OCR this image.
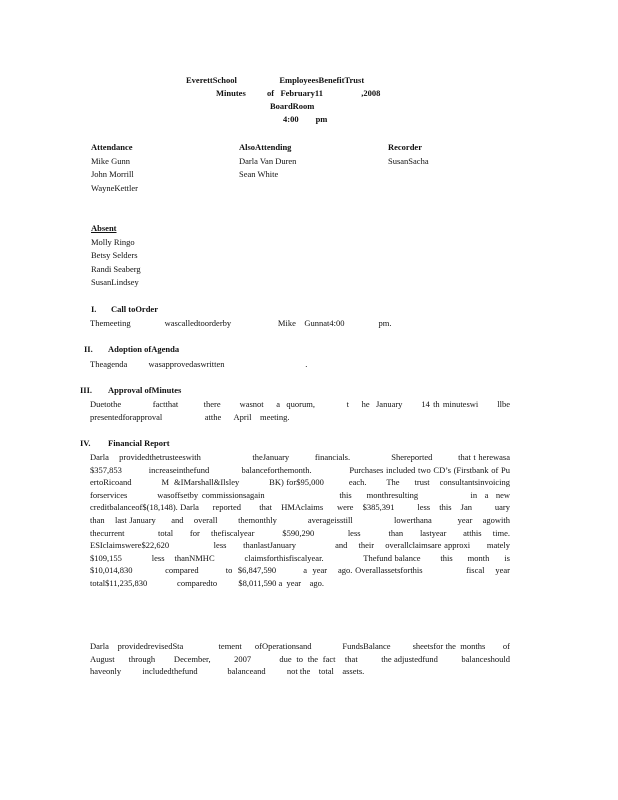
EverettSchool                    EmployeesBenefitTrust
Minutes          of   February11                  ,2008
BoardRoom
4:00        pm
Attendance
Mike Gunn
John Morrill
WayneKettler
AlsoAttending
Darla Van Duren
Sean White
Recorder
SusanSacha
Absent
Molly Ringo
Betsy Selders
Randi Seaberg
SusanLindsey
I. Call toOrder
Themeeting                wascalledtoorderby                      Mike    Gunnat4:00                pm.
II. Adoption ofAgenda
Theagenda          wasapprovedaswritten                                      .
III. Approval ofMinutes
Duetothe          factthat        there      wasnot    a  quorum,          t    he  January      14 th minuteswi      llbe presentedforapproval                    atthe      April    meeting.
IV. Financial Report
Darla    providedthetrusteeswith                    theJanuary          financials.                Shereported          that t herewasa      $357,853          increaseinthefund            balanceforthemonth.              Purchases included two CD’s (Firstbank of Pu                    ertoRicoand            M  &IMarshall&Ilsley            BK) for$95,000          each.        The      trust    consultantsinvoicing                  forservices        wasoffsetby commissionsagain                    this    monthresulting              in  a  new    creditbalanceof$(18,148). Darla      reported        that    HMAclaims      were    $385,391          less    this    Jan          uary    than    last January      and    overall        themonthly            averageisstill                lowerthana          year    agowith thecurrent            total      for    thefiscalyear          $590,290            less          than      lastyear      atthis    time. ESIclaimswere$22,620                less      thanlastJanuary              and    their    overallclaimsare approxi      mately      $109,155            less    thanNMHC            claimsforthisfiscalyear.                Thefund balance        this      month      is    $10,014,830            compared          to  $6,847,590          a  year    ago. Overallassetsforthis                fiscal    year  total$11,235,830              comparedto          $8,011,590 a  year    ago.
Darla    providedrevisedSta                tement      ofOperationsand              FundsBalance          sheetsfor the  months        of      August      through        December,          2007            due  to  the  fact    that          the adjustedfund          balanceshould            haveonly          includedthefund              balanceand          not the    total    assets.
